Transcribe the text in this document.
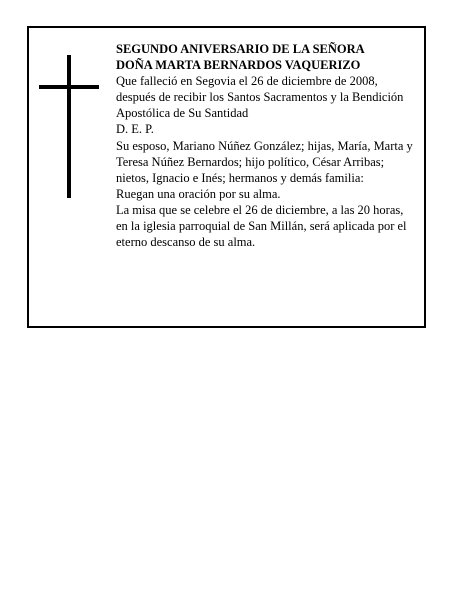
SEGUNDO ANIVERSARIO DE LA SEÑORA

DOÑA MARTA BERNARDOS VAQUERIZO

Que falleció en Segovia el 26 de diciembre de 2008, después de recibir los Santos Sacramentos y la Bendición Apostólica de Su Santidad

D. E. P.

Su esposo, Mariano Núñez González; hijas, María, Marta y Teresa Núñez Bernardos; hijo político, César Arribas; nietos, Ignacio e Inés; hermanos y demás familia:

Ruegan una oración por su alma.

La misa que se celebre el 26 de diciembre, a las 20 horas, en la iglesia parroquial de San Millán, será aplicada por el eterno descanso de su alma.
